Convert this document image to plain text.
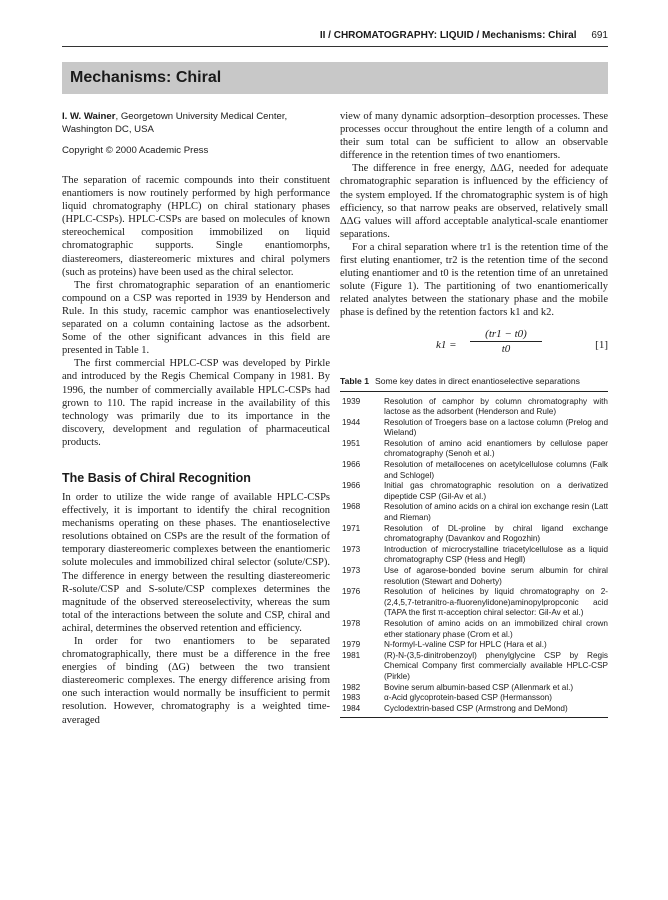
II / CHROMATOGRAPHY: LIQUID / Mechanisms: Chiral 691
Mechanisms: Chiral
I. W. Wainer, Georgetown University Medical Center, Washington DC, USA
Copyright © 2000 Academic Press

The separation of racemic compounds into their constituent enantiomers is now routinely performed by high performance liquid chromatography (HPLC) on chiral stationary phases (HPLC-CSPs). HPLC-CSPs are based on molecules of known stereochemical composition immobilized on liquid chromatographic supports. Single enantiomorphs, diastereomers, diastereomeric mixtures and chiral polymers (such as proteins) have been used as the chiral selector.

The first chromatographic separation of an enantiomeric compound on a CSP was reported in 1939 by Henderson and Rule. In this study, racemic camphor was enantioselectively separated on a column containing lactose as the adsorbent. Some of the other significant advances in this field are presented in Table 1.

The first commercial HPLC-CSP was developed by Pirkle and introduced by the Regis Chemical Company in 1981. By 1996, the number of commercially available HPLC-CSPs had grown to 110. The rapid increase in the availability of this technology was primarily due to its importance in the discovery, development and regulation of pharmaceutical products.

The Basis of Chiral Recognition

In order to utilize the wide range of available HPLC-CSPs effectively, it is important to identify the chiral recognition mechanisms operating on these phases. The enantioselective resolutions obtained on CSPs are the result of the formation of temporary diastereomeric complexes between the enantiomeric solute molecules and immobilized chiral selector (solute/CSP). The difference in energy between the resulting diastereomeric R-solute/CSP and S-solute/CSP complexes determines the magnitude of the observed stereoselectivity, whereas the sum total of the interactions between the solute and CSP, chiral and achiral, determines the observed retention and efficiency.

In order for two enantiomers to be separated chromatographically, there must be a difference in the free energies of binding (ΔG) between the two transient diastereomeric complexes. The energy difference arising from one such interaction would normally be insufficient to permit resolution. However, chromatography is a weighted time-averaged

view of many dynamic adsorption–desorption processes. These processes occur throughout the entire length of a column and their sum total can be sufficient to allow an observable difference in the retention times of two enantiomers.

The difference in free energy, ΔΔG, needed for adequate chromatographic separation is influenced by the efficiency of the system employed. If the chromatographic system is of high efficiency, so that narrow peaks are observed, relatively small ΔΔG values will afford acceptable analytical-scale enantiomer separations.

For a chiral separation where tr1 is the retention time of the first eluting enantiomer, tr2 is the retention time of the second eluting enantiomer and t0 is the retention time of an unretained solute (Figure 1). The partitioning of two enantiomerically related analytes between the stationary phase and the mobile phase is defined by the retention factors k1 and k2.

k1 =
(tr1 − t0)
t0	[1]
Table 1 Some key dates in direct enantioselective separations
1939	Resolution of camphor by column chromatography with lactose as the adsorbent (Henderson and Rule)
1944	Resolution of Troegers base on a lactose column (Prelog and Wieland)
1951	Resolution of amino acid enantiomers by cellulose paper chromatography (Senoh et al.)
1966	Resolution of metallocenes on acetylcellulose columns (Falk and Schlogel)
1966	Initial gas chromatographic resolution on a derivatized dipeptide CSP (Gil-Av et al.)
1968	Resolution of amino acids on a chiral ion exchange resin (Latt and Rieman)
1971	Resolution of DL-proline by chiral ligand exchange chromatography (Davankov and Rogozhin)
1973	Introduction of microcrystalline triacetylcellulose as a liquid chromatography CSP (Hess and Hegll)
1973	Use of agarose-bonded bovine serum albumin for chiral resolution (Stewart and Doherty)
1976	Resolution of helicines by liquid chromatography on 2-(2,4,5,7-tetranitro-a-fluorenylidone)aminopylpropconic acid (TAPA the first π-acception chiral selector: Gil-Av et al.)
1978	Resolution of amino acids on an immobilized chiral crown ether stationary phase (Crom et al.)
1979	N-formyl-L-valine CSP for HPLC (Hara et al.)
1981	(R)-N-(3,5-dinitrobenzoyl) phenylglycine CSP by Regis Chemical Company first commercially available HPLC-CSP (Pirkle)
1982	Bovine serum albumin-based CSP (Allenmark et al.)
1983	α-Acid glycoprotein-based CSP (Hermansson)
1984	Cyclodextrin-based CSP (Armstrong and DeMond)
